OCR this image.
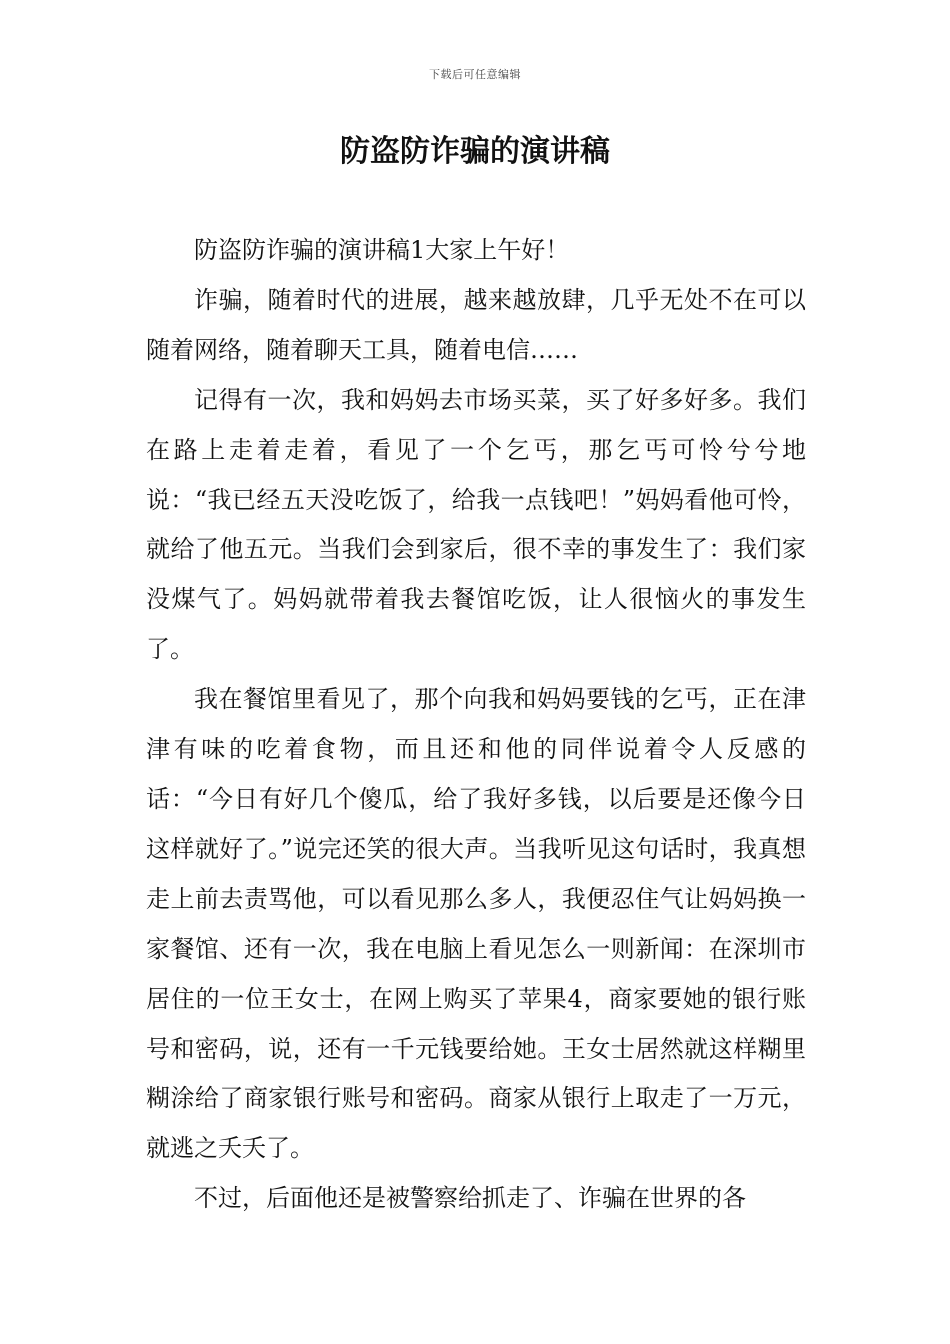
下载后可任意编辑
防盗防诈骗的演讲稿

防盗防诈骗的演讲稿1大家上午好！

诈骗，随着时代的进展，越来越放肆，几乎无处不在可以随着网络，随着聊天工具，随着电信……

记得有一次，我和妈妈去市场买菜，买了好多好多。我们在路上走着走着，看见了一个乞丐，那乞丐可怜兮兮地说：“我已经五天没吃饭了，给我一点钱吧！”妈妈看他可怜，就给了他五元。当我们会到家后，很不幸的事发生了：我们家没煤气了。妈妈就带着我去餐馆吃饭，让人很恼火的事发生了。

我在餐馆里看见了，那个向我和妈妈要钱的乞丐，正在津津有味的吃着食物，而且还和他的同伴说着令人反感的话：“今日有好几个傻瓜，给了我好多钱，以后要是还像今日这样就好了。”说完还笑的很大声。当我听见这句话时，我真想走上前去责骂他，可以看见那么多人，我便忍住气让妈妈换一家餐馆、还有一次，我在电脑上看见怎么一则新闻：在深圳市居住的一位王女士，在网上购买了苹果4，商家要她的银行账号和密码，说，还有一千元钱要给她。王女士居然就这样糊里糊涂给了商家银行账号和密码。商家从银行上取走了一万元，就逃之夭夭了。

不过，后面他还是被警察给抓走了、诈骗在世界的各
